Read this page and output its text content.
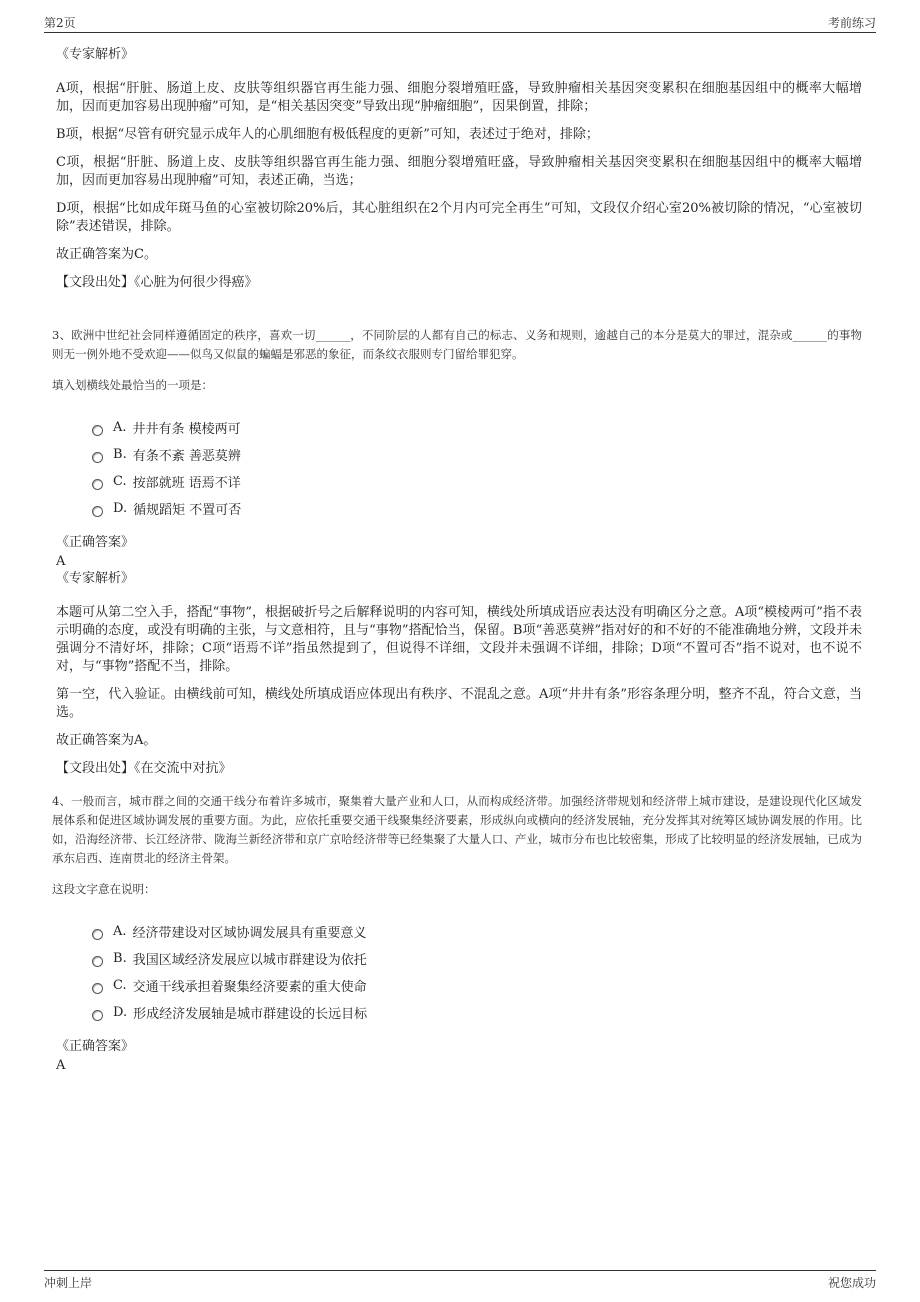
第2页	考前练习
《专家解析》

A项，根据“肝脏、肠道上皮、皮肤等组织器官再生能力强、细胞分裂增殖旺盛，导致肿瘤相关基因突变累积在细胞基因组中的概率大幅增加，因而更加容易出现肿瘤”可知，是“相关基因突变”导致出现“肿瘤细胞”，因果倒置，排除；

B项，根据“尽管有研究显示成年人的心肌细胞有极低程度的更新”可知，表述过于绝对，排除；

C项，根据“肝脏、肠道上皮、皮肤等组织器官再生能力强、细胞分裂增殖旺盛，导致肿瘤相关基因突变累积在细胞基因组中的概率大幅增加，因而更加容易出现肿瘤”可知，表述正确，当选；

D项，根据“比如成年斑马鱼的心室被切除20%后，其心脏组织在2个月内可完全再生”可知，文段仅介绍心室20%被切除的情况，“心室被切除”表述错误，排除。

故正确答案为C。

【文段出处】《心脏为何很少得癌》
3、欧洲中世纪社会同样遵循固定的秩序，喜欢一切______，不同阶层的人都有自己的标志、义务和规则，逾越自己的本分是莫大的罪过，混杂或______的事物则无一例外地不受欢迎——似鸟又似鼠的蝙蝠是邪恶的象征，而条纹衣服则专门留给罪犯穿。
填入划横线处最恰当的一项是：
A . 井井有条 模棱两可
B . 有条不紊 善恶莫辨
C . 按部就班 语焉不详
D . 循规蹈矩 不置可否
《正确答案》
A
《专家解析》

本题可从第二空入手，搭配“事物”，根据破折号之后解释说明的内容可知，横线处所填成语应表达没有明确区分之意。A项“模棱两可”指不表示明确的态度，或没有明确的主张，与文意相符，且与“事物”搭配恰当，保留。B项“善恶莫辨”指对好的和不好的不能准确地分辨，文段并未强调分不清好坏，排除；C项“语焉不详”指虽然提到了，但说得不详细，文段并未强调不详细，排除；D项“不置可否”指不说对，也不说不对，与“事物”搭配不当，排除。

第一空，代入验证。由横线前可知，横线处所填成语应体现出有秩序、不混乱之意。A项“井井有条”形容条理分明，整齐不乱，符合文意，当选。

故正确答案为A。

【文段出处】《在交流中对抗》
4、一般而言，城市群之间的交通干线分布着许多城市，聚集着大量产业和人口，从而构成经济带。加强经济带规划和经济带上城市建设，是建设现代化区域发展体系和促进区域协调发展的重要方面。为此，应依托重要交通干线聚集经济要素，形成纵向或横向的经济发展轴，充分发挥其对统筹区域协调发展的作用。比如，沿海经济带、长江经济带、陇海兰新经济带和京广京哈经济带等已经集聚了大量人口、产业，城市分布也比较密集，形成了比较明显的经济发展轴，已成为承东启西、连南贯北的经济主骨架。
这段文字意在说明：
A . 经济带建设对区域协调发展具有重要意义
B . 我国区域经济发展应以城市群建设为依托
C . 交通干线承担着聚集经济要素的重大使命
D . 形成经济发展轴是城市群建设的长远目标
《正确答案》
A
冲刺上岸	祝您成功
